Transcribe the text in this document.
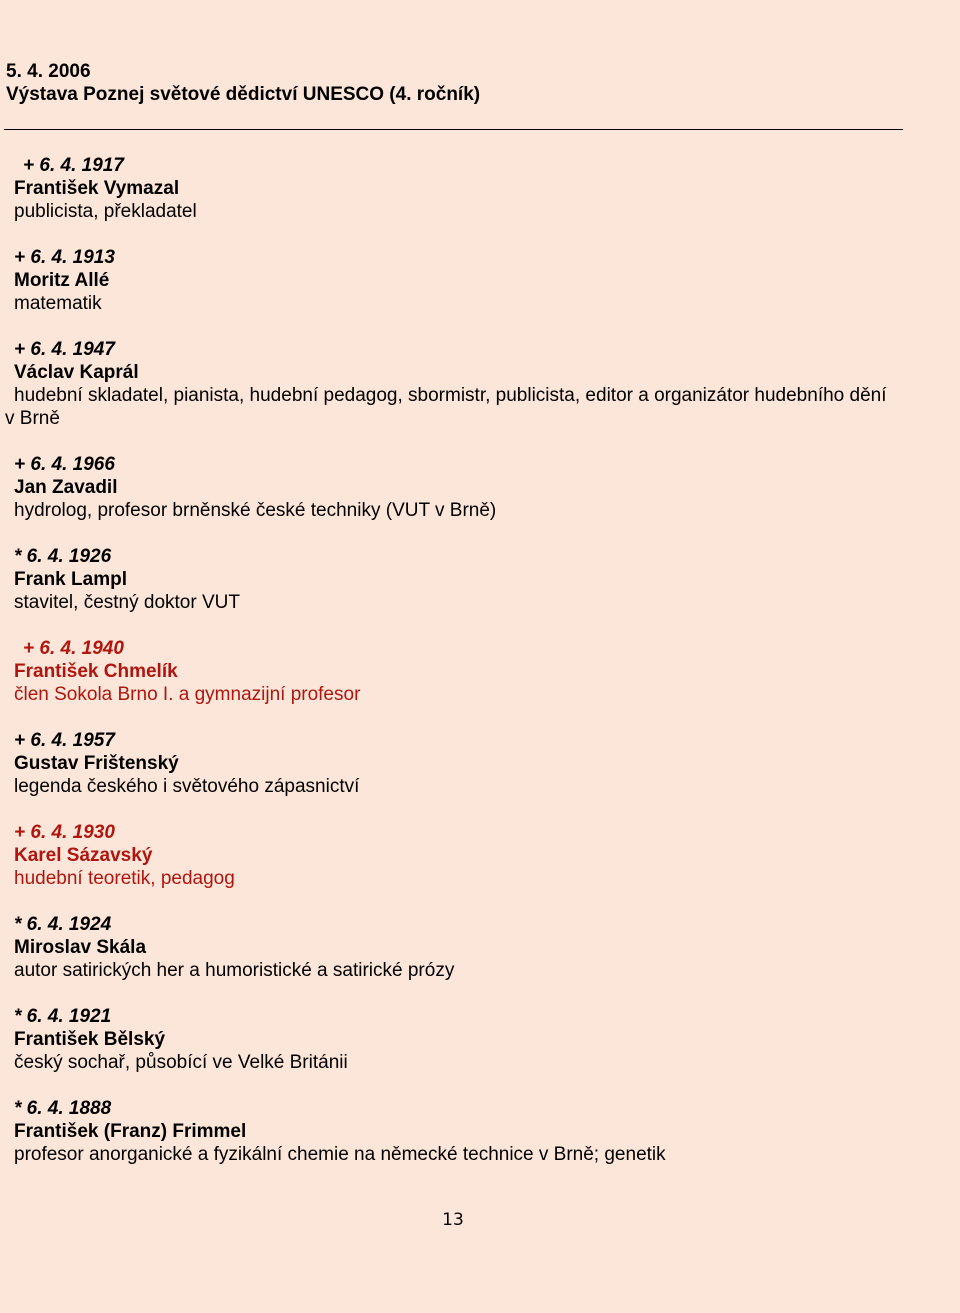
5. 4. 2006
Výstava Poznej světové dědictví UNESCO (4. ročník)
+ 6. 4. 1917
František Vymazal
publicista, překladatel
+ 6. 4. 1913
Moritz Allé
matematik
+ 6. 4. 1947
Václav Kaprál
hudební skladatel, pianista, hudební pedagog, sbormistr, publicista, editor a organizátor hudebního dění v Brně
+ 6. 4. 1966
Jan Zavadil
hydrolog, profesor brněnské české techniky (VUT v Brně)
* 6. 4. 1926
Frank Lampl
stavitel, čestný doktor VUT
+ 6. 4. 1940
František Chmelík
člen Sokola Brno I. a gymnazijní profesor
+ 6. 4. 1957
Gustav Frištenský
legenda českého i světového zápasnictví
+ 6. 4. 1930
Karel Sázavský
hudební teoretik, pedagog
* 6. 4. 1924
Miroslav Skála
autor satirických her a humoristické a satirické prózy
* 6. 4. 1921
František Bělský
český sochař, působící ve Velké Británii
* 6. 4. 1888
František (Franz) Frimmel
profesor anorganické a fyzikální chemie na německé technice v Brně; genetik
13
